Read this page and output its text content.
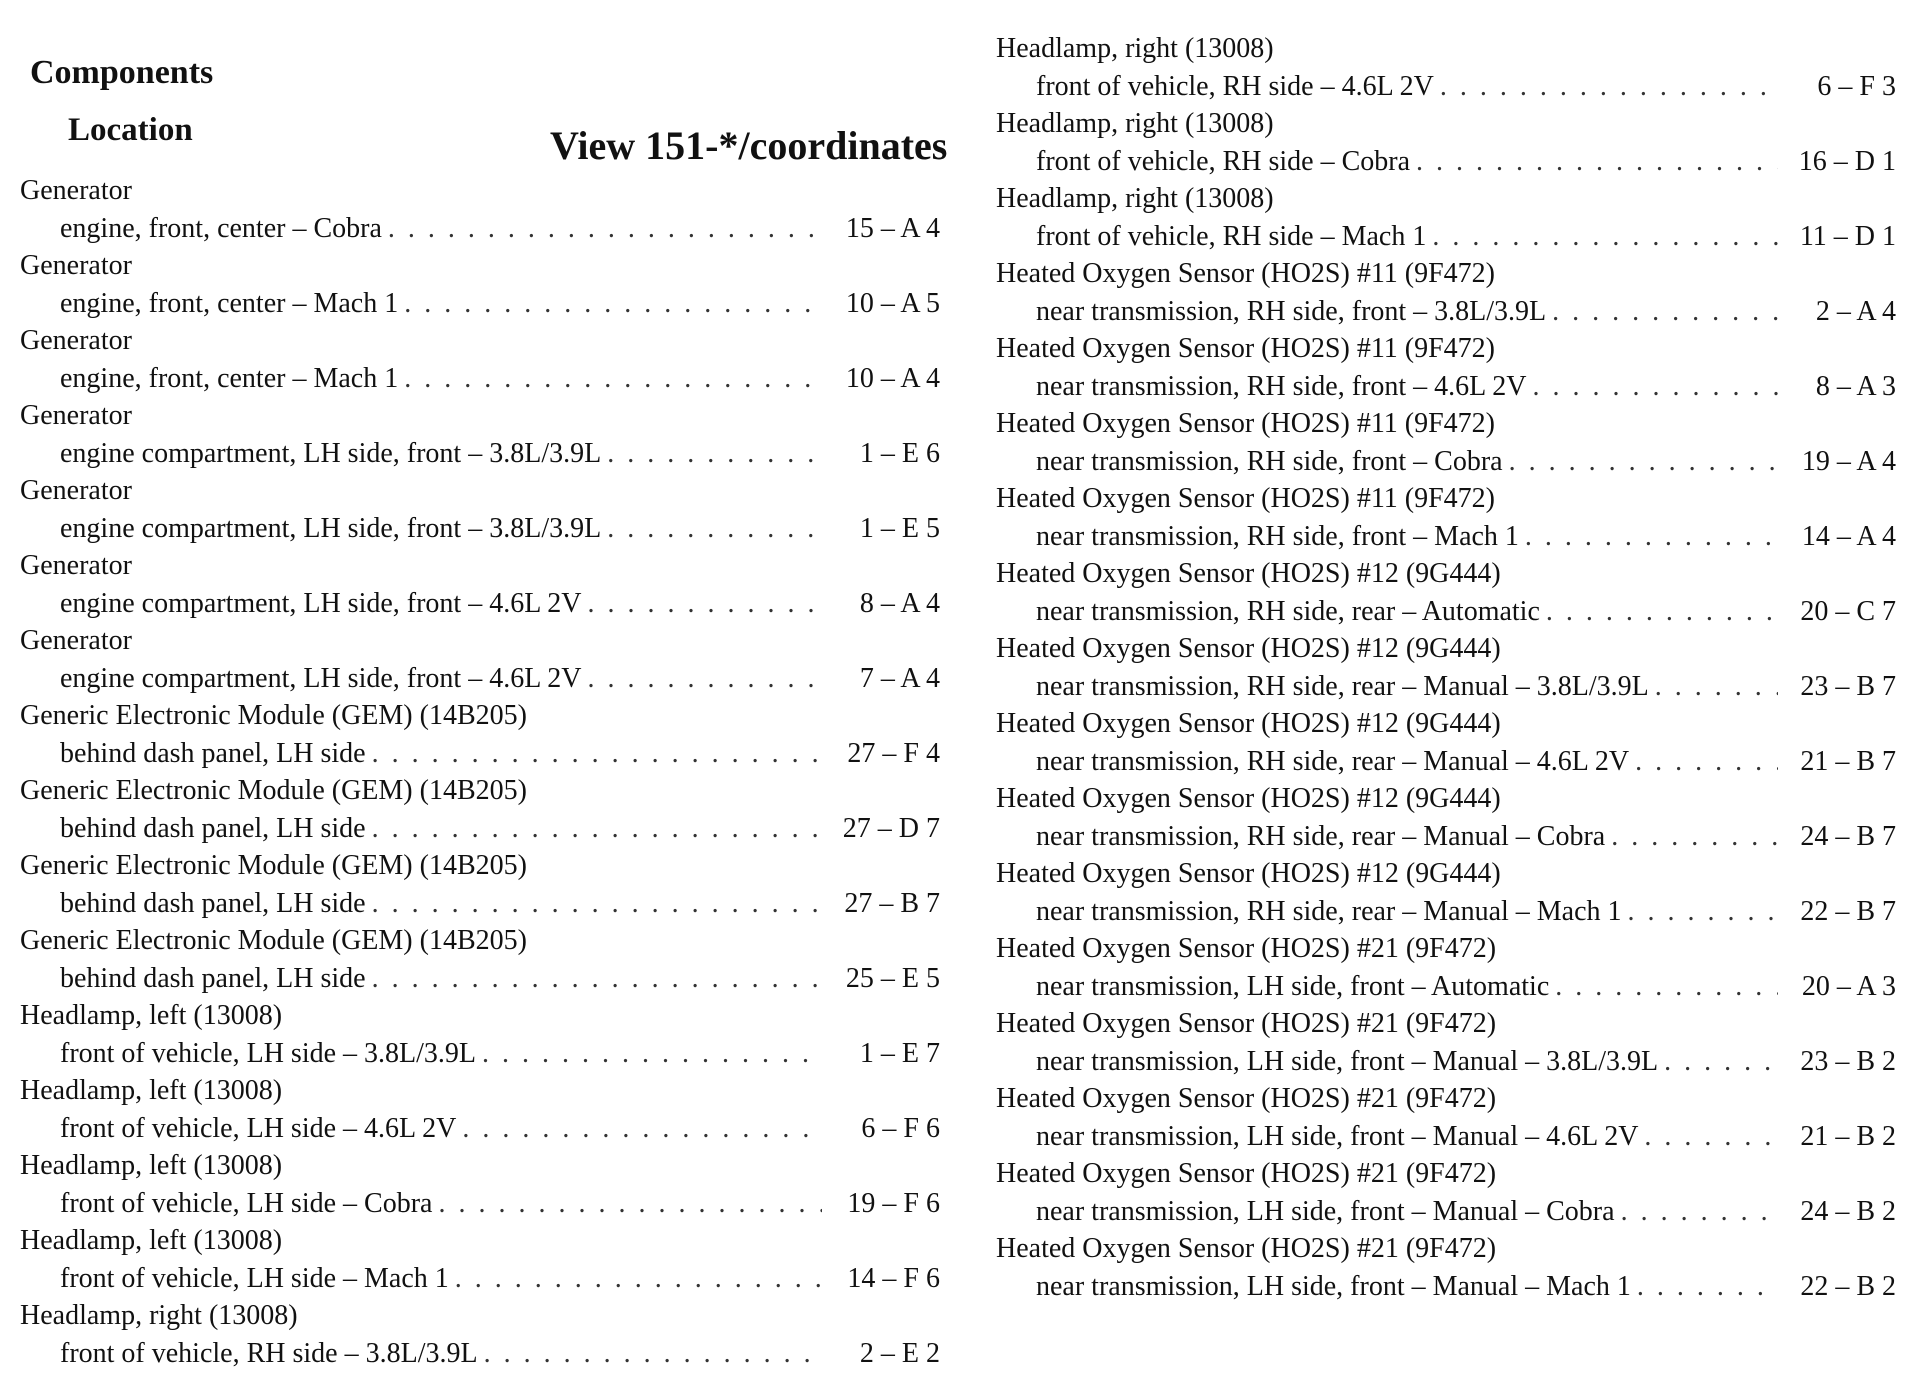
Components
Location	View 151-*/coordinates
Generator
engine, front, center – Cobra . . .	15 – A 4
Generator
engine, front, center – Mach 1 . . .	10 – A 5
Generator
engine, front, center – Mach 1 . . .	10 – A 4
Generator
engine compartment, LH side, front – 3.8L/3.9L . . .	1 – E 6
Generator
engine compartment, LH side, front – 3.8L/3.9L . . .	1 – E 5
Generator
engine compartment, LH side, front – 4.6L 2V . . .	8 – A 4
Generator
engine compartment, LH side, front – 4.6L 2V . . .	7 – A 4
Generic Electronic Module (GEM) (14B205)
behind dash panel, LH side . . .	27 – F 4
Generic Electronic Module (GEM) (14B205)
behind dash panel, LH side . . .	27 – D 7
Generic Electronic Module (GEM) (14B205)
behind dash panel, LH side . . .	27 – B 7
Generic Electronic Module (GEM) (14B205)
behind dash panel, LH side . . .	25 – E 5
Headlamp, left (13008)
front of vehicle, LH side – 3.8L/3.9L . . .	1 – E 7
Headlamp, left (13008)
front of vehicle, LH side – 4.6L 2V . . .	6 – F 6
Headlamp, left (13008)
front of vehicle, LH side – Cobra . . .	19 – F 6
Headlamp, left (13008)
front of vehicle, LH side – Mach 1 . . .	14 – F 6
Headlamp, right (13008)
front of vehicle, RH side – 3.8L/3.9L . . .	2 – E 2
Headlamp, right (13008)
front of vehicle, RH side – 4.6L 2V . . .	6 – F 3
Headlamp, right (13008)
front of vehicle, RH side – Cobra . . .	16 – D 1
Headlamp, right (13008)
front of vehicle, RH side – Mach 1 . . .	11 – D 1
Heated Oxygen Sensor (HO2S) #11 (9F472)
near transmission, RH side, front – 3.8L/3.9L . . .	2 – A 4
Heated Oxygen Sensor (HO2S) #11 (9F472)
near transmission, RH side, front – 4.6L 2V . . .	8 – A 3
Heated Oxygen Sensor (HO2S) #11 (9F472)
near transmission, RH side, front – Cobra . . .	19 – A 4
Heated Oxygen Sensor (HO2S) #11 (9F472)
near transmission, RH side, front – Mach 1 . . .	14 – A 4
Heated Oxygen Sensor (HO2S) #12 (9G444)
near transmission, RH side, rear – Automatic . . .	20 – C 7
Heated Oxygen Sensor (HO2S) #12 (9G444)
near transmission, RH side, rear – Manual – 3.8L/3.9L . . .	23 – B 7
Heated Oxygen Sensor (HO2S) #12 (9G444)
near transmission, RH side, rear – Manual – 4.6L 2V . . .	21 – B 7
Heated Oxygen Sensor (HO2S) #12 (9G444)
near transmission, RH side, rear – Manual – Cobra . . .	24 – B 7
Heated Oxygen Sensor (HO2S) #12 (9G444)
near transmission, RH side, rear – Manual – Mach 1 . . .	22 – B 7
Heated Oxygen Sensor (HO2S) #21 (9F472)
near transmission, LH side, front – Automatic . . .	20 – A 3
Heated Oxygen Sensor (HO2S) #21 (9F472)
near transmission, LH side, front – Manual – 3.8L/3.9L . . .	23 – B 2
Heated Oxygen Sensor (HO2S) #21 (9F472)
near transmission, LH side, front – Manual – 4.6L 2V . . .	21 – B 2
Heated Oxygen Sensor (HO2S) #21 (9F472)
near transmission, LH side, front – Manual – Cobra . . .	24 – B 2
Heated Oxygen Sensor (HO2S) #21 (9F472)
near transmission, LH side, front – Manual – Mach 1 . . .	22 – B 2
